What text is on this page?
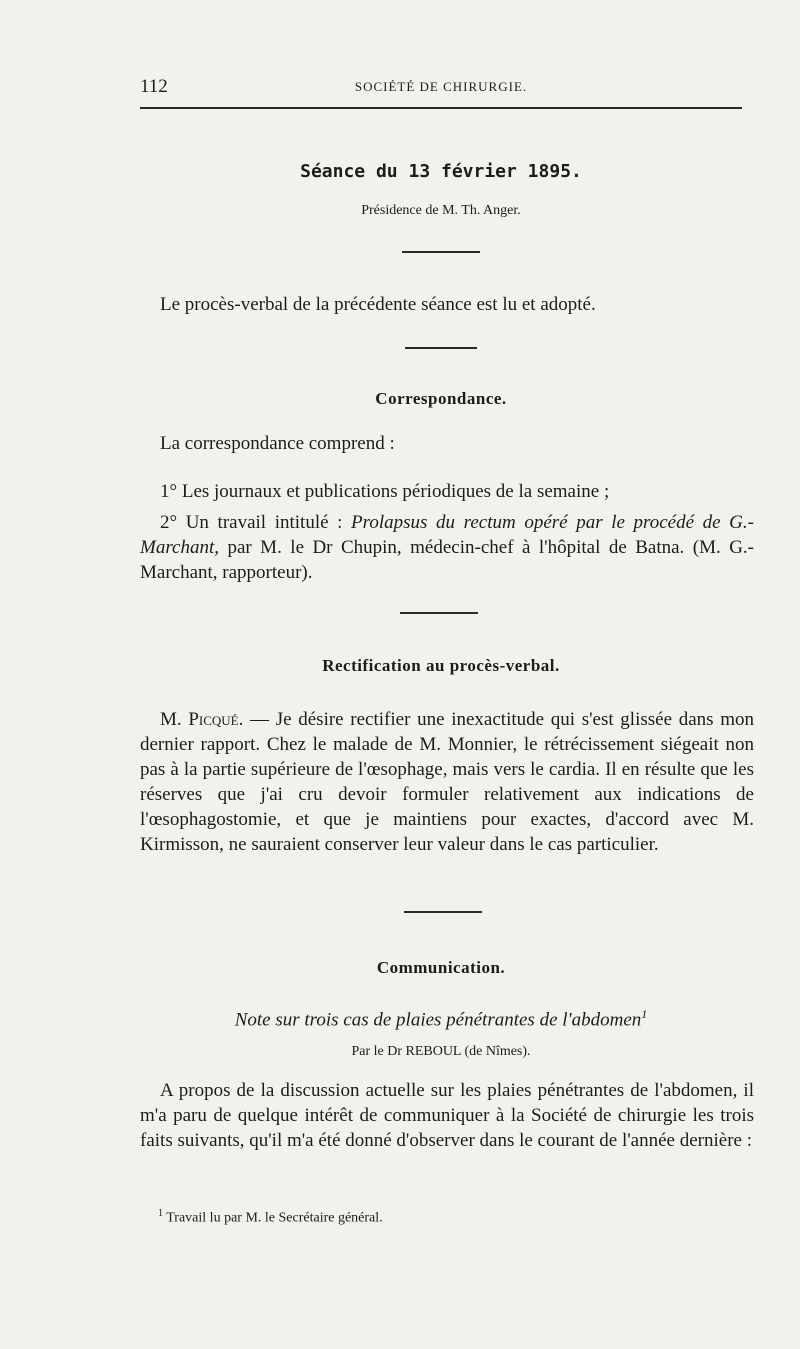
112	SOCIÉTÉ DE CHIRURGIE.
Séance du 13 février 1895.
Présidence de M. Th. Anger.
Le procès-verbal de la précédente séance est lu et adopté.
Correspondance.
La correspondance comprend :
1° Les journaux et publications périodiques de la semaine ;
2° Un travail intitulé : Prolapsus du rectum opéré par le procédé de G.-Marchant, par M. le Dr Chupin, médecin-chef à l'hôpital de Batna. (M. G.-Marchant, rapporteur).
Rectification au procès-verbal.
M. Picqué. — Je désire rectifier une inexactitude qui s'est glissée dans mon dernier rapport. Chez le malade de M. Monnier, le rétrécissement siégeait non pas à la partie supérieure de l'œsophage, mais vers le cardia. Il en résulte que les réserves que j'ai cru devoir formuler relativement aux indications de l'œsophagostomie, et que je maintiens pour exactes, d'accord avec M. Kirmisson, ne sauraient conserver leur valeur dans le cas particulier.
Communication.
Note sur trois cas de plaies pénétrantes de l'abdomen$^1$
Par le Dr REBOUL (de Nîmes).
A propos de la discussion actuelle sur les plaies pénétrantes de l'abdomen, il m'a paru de quelque intérêt de communiquer à la Société de chirurgie les trois faits suivants, qu'il m'a été donné d'observer dans le courant de l'année dernière :
$^1$ Travail lu par M. le Secrétaire général.
